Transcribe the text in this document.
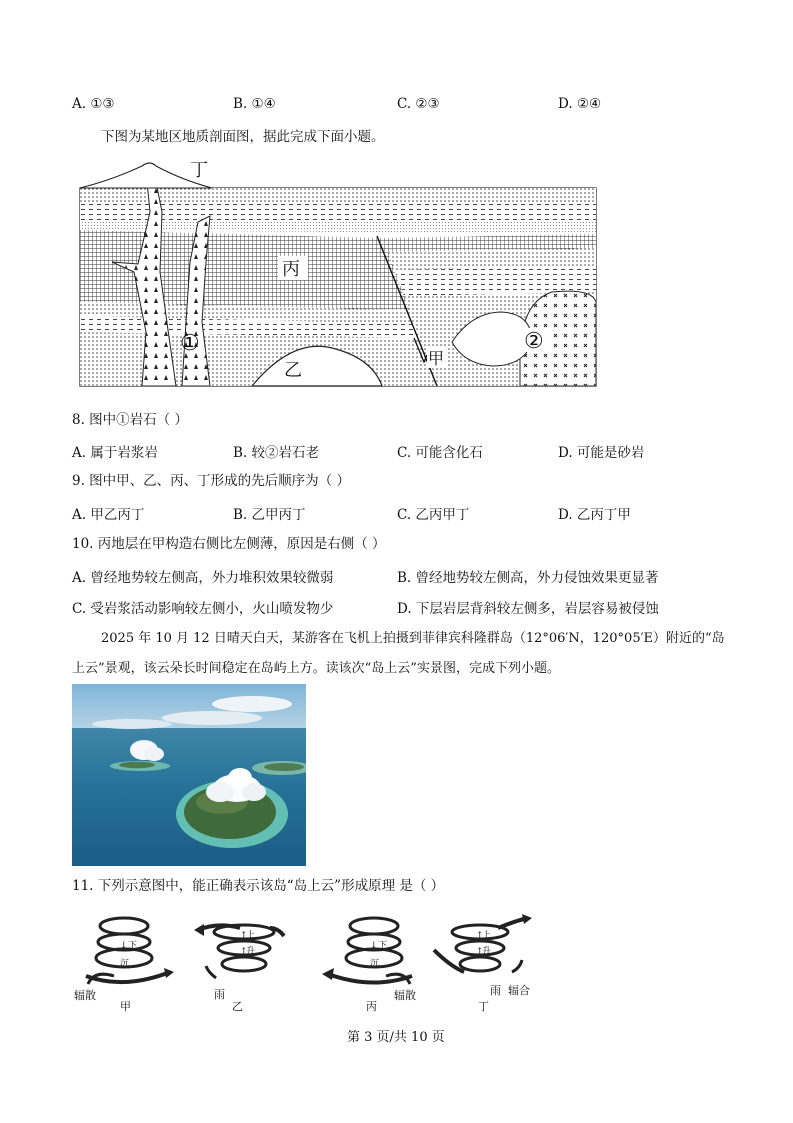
A. ①③	B. ①④	C. ②③	D. ②④
下图为某地区地质剖面图，据此完成下面小题。
丁
丙
乙
甲
①	②
8. 图中①岩石（ ）
A. 属于岩浆岩	B. 较②岩石老	C. 可能含化石	D. 可能是砂岩
9. 图中甲、乙、丙、丁形成的先后顺序为（ ）
A. 甲乙丙丁	B. 乙甲丙丁	C. 乙丙甲丁	D. 乙丙丁甲
10. 丙地层在甲构造右侧比左侧薄，原因是右侧（ ）
A. 曾经地势较左侧高，外力堆积效果较微弱	B. 曾经地势较左侧高，外力侵蚀效果更显著
C. 受岩浆活动影响较左侧小，火山喷发物少	D. 下层岩层背斜较左侧多，岩层容易被侵蚀
2025 年 10 月 12 日晴天白天，某游客在飞机上拍摄到菲律宾科隆群岛（12°06′N，120°05′E）附近的“岛
上云”景观，该云朵长时间稳定在岛屿上方。读该次“岛上云”实景图，完成下列小题。
11. 下列示意图中，能正确表示该岛“岛上云”形成原理 是（ ）
↓ 下
沉
辐散
甲
↑
上
↑
升
雨
乙
↓ 下
沉
辐散
丙
↑
上
↑
升
雨 辐合
丁
第 3 页/共 10 页
